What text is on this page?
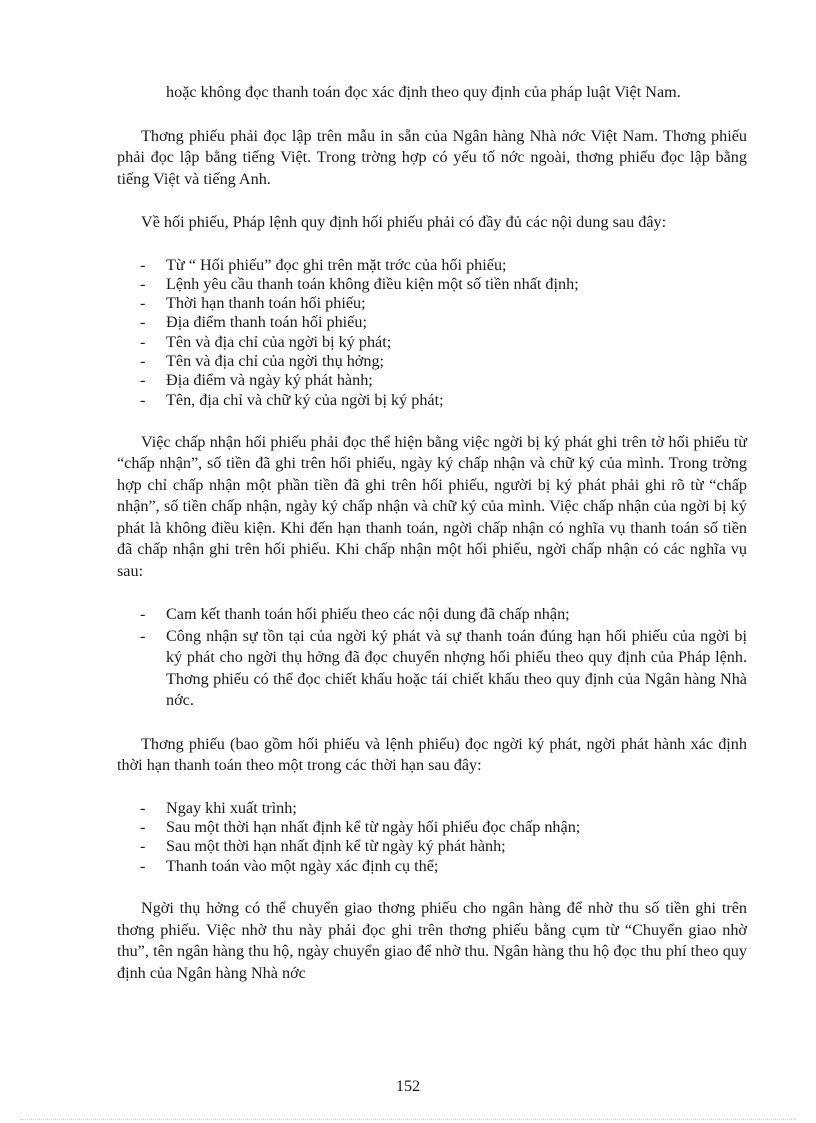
hoặc không đọc thanh toán đọc xác định theo quy định của pháp luật Việt Nam.

Thơng phiếu phải đọc lập trên mẫu in sẵn của Ngân hàng Nhà nớc Việt Nam. Thơng phiếu phải đọc lập bằng tiếng Việt. Trong trờng hợp có yếu tố nớc ngoài, thơng phiếu đọc lập bằng tiếng Việt và tiếng Anh.

Về hối phiếu, Pháp lệnh quy định hối phiếu phải có đầy đủ các nội dung sau đây:

- Từ “ Hối phiếu” đọc ghi trên mặt trớc của hối phiếu;
- Lệnh yêu cầu thanh toán không điều kiện một số tiền nhất định;
- Thời hạn thanh toán hối phiếu;
- Địa điểm thanh toán hối phiếu;
- Tên và địa chỉ của ngời bị ký phát;
- Tên và địa chỉ của ngời thụ hởng;
- Địa điểm và ngày ký phát hành;
- Tên, địa chỉ và chữ ký của ngời bị ký phát;

Việc chấp nhận hối phiếu phải đọc thể hiện bằng việc ngời bị ký phát ghi trên tờ hối phiếu từ “chấp nhận”, số tiền đã ghi trên hối phiếu, ngày ký chấp nhận và chữ ký của mình. Trong trờng hợp chỉ chấp nhận một phần tiền đã ghi trên hối phiếu, người bị ký phát phải ghi rõ từ “chấp nhận”, số tiền chấp nhận, ngày ký chấp nhận và chữ ký của mình. Việc chấp nhận của ngời bị ký phát là không điều kiện. Khi đến hạn thanh toán, ngời chấp nhận có nghĩa vụ thanh toán số tiền đã chấp nhận ghi trên hối phiếu. Khi chấp nhận một hối phiếu, ngời chấp nhận có các nghĩa vụ sau:

- Cam kết thanh toán hối phiếu theo các nội dung đã chấp nhận;
- Công nhận sự tồn tại của ngời ký phát và sự thanh toán đúng hạn hối phiếu của ngời bị ký phát cho ngời thụ hởng đã đọc chuyển nhợng hối phiếu theo quy định của Pháp lệnh. Thơng phiếu có thể đọc chiết khấu hoặc tái chiết khấu theo quy định của Ngân hàng Nhà nớc.

Thơng phiếu (bao gồm hối phiếu và lệnh phiếu) đọc ngời ký phát, ngời phát hành xác định thời hạn thanh toán theo một trong các thời hạn sau đây:

- Ngay khi xuất trình;
- Sau một thời hạn nhất định kể từ ngày hối phiếu đọc chấp nhận;
- Sau một thời hạn nhất định kể từ ngày ký phát hành;
- Thanh toán vào một ngày xác định cụ thể;

Ngời thụ hởng có thể chuyển giao thơng phiếu cho ngân hàng để nhờ thu số tiền ghi trên thơng phiếu. Việc nhờ thu này phải đọc ghi trên thơng phiếu bằng cụm từ “Chuyển giao nhờ thu”, tên ngân hàng thu hộ, ngày chuyển giao để nhờ thu. Ngân hàng thu hộ đọc thu phí theo quy định của Ngân hàng Nhà nớc

152
